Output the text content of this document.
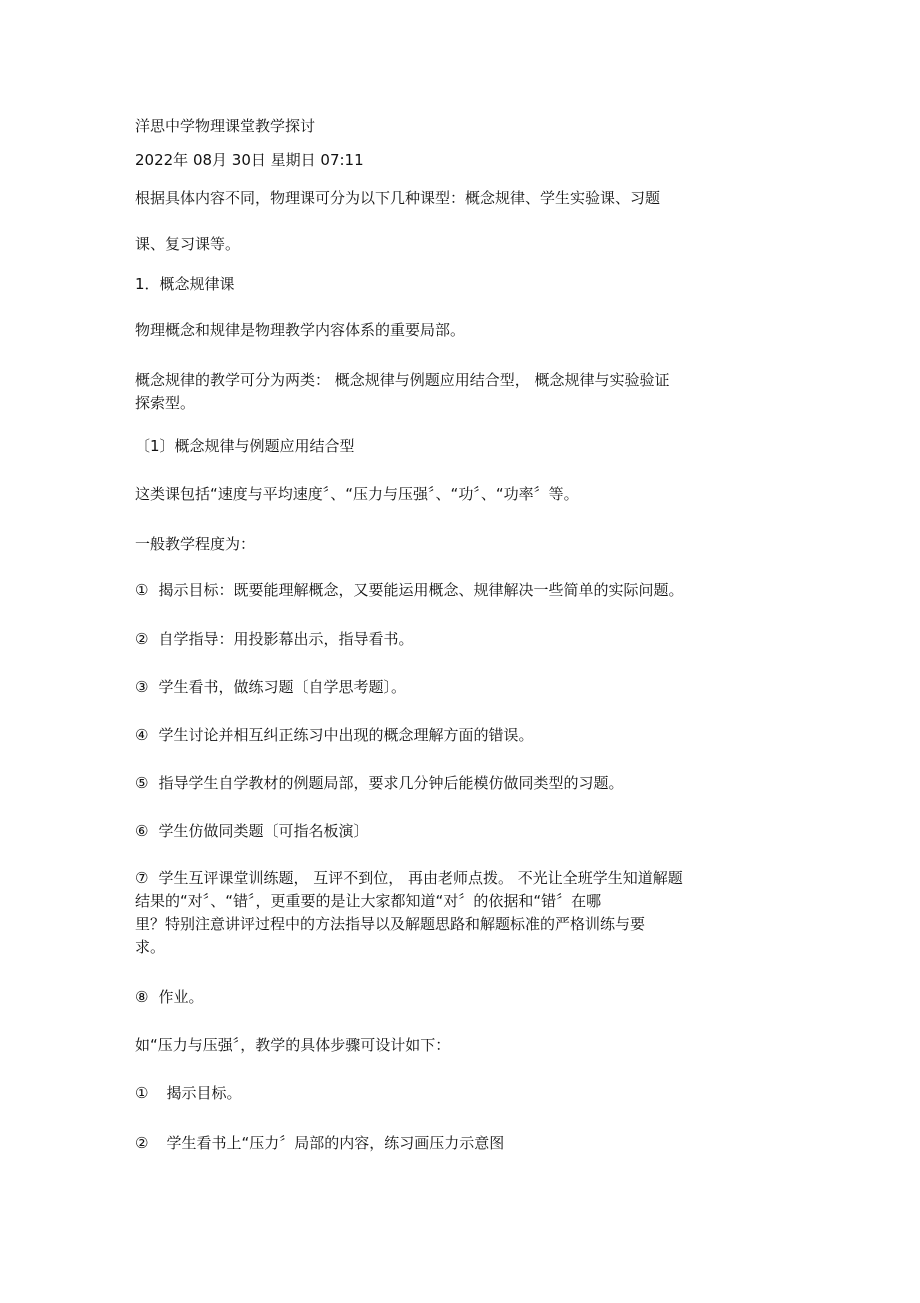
洋思中学物理课堂教学探讨
2022年 08月 30日 星期日 07:11
根据具体内容不同，物理课可分为以下几种课型：概念规律、学生实验课、习题
课、复习课等。
1．概念规律课
物理概念和规律是物理教学内容体系的重要局部。
概念规律的教学可分为两类： 概念规律与例题应用结合型， 概念规律与实验验证
探索型。
〔1〕概念规律与例题应用结合型
这类课包括“速度与平均速度〞、“压力与压强〞、“功〞、“功率〞等。
一般教学程度为：
① 揭示目标：既要能理解概念，又要能运用概念、规律解决一些简单的实际问题。
② 自学指导：用投影幕出示，指导看书。
③ 学生看书，做练习题〔自学思考题〕。
④ 学生讨论并相互纠正练习中出现的概念理解方面的错误。
⑤ 指导学生自学教材的例题局部，要求几分钟后能模仿做同类型的习题。
⑥ 学生仿做同类题〔可指名板演〕
⑦ 学生互评课堂训练题， 互评不到位， 再由老师点拨。 不光让全班学生知道解题
结果的“对〞、“错〞，更重要的是让大家都知道“对〞的依据和“错〞在哪
里？特别注意讲评过程中的方法指导以及解题思路和解题标准的严格训练与要
求。
⑧ 作业。
如“压力与压强〞，教学的具体步骤可设计如下：
① 揭示目标。
② 学生看书上“压力〞局部的内容，练习画压力示意图
